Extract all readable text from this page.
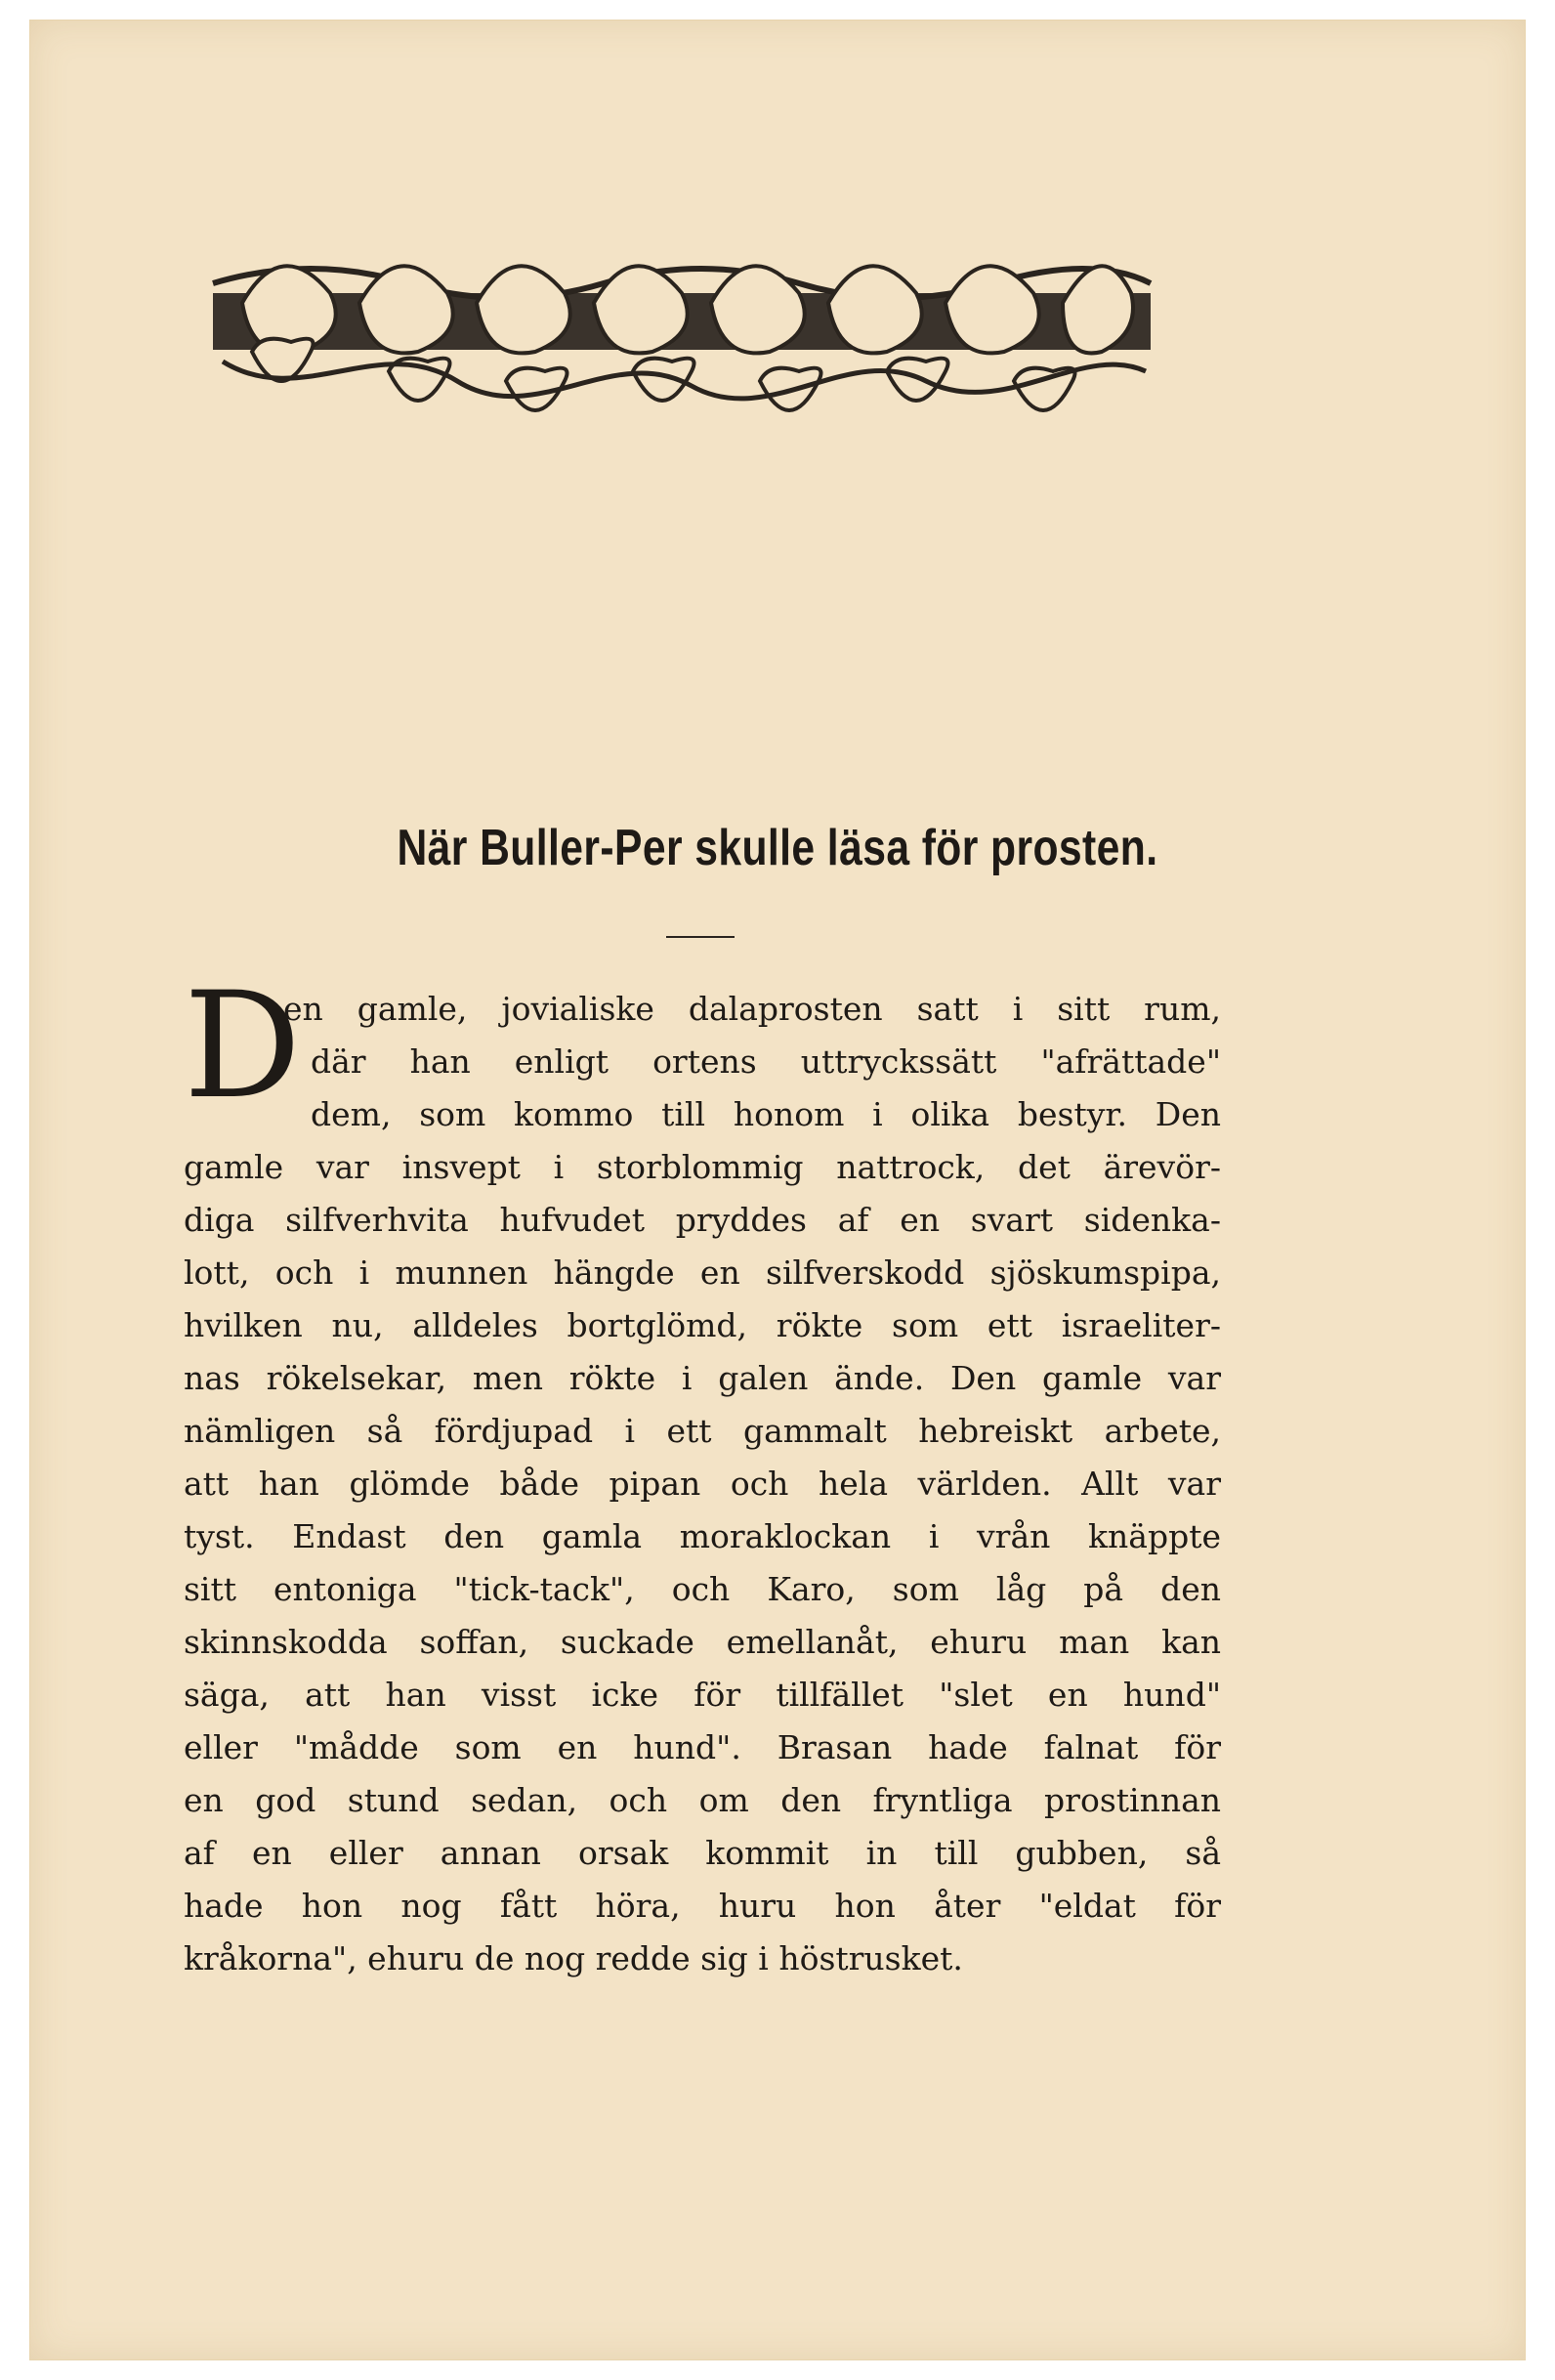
När Buller-Per skulle läsa för prosten.
D
en gamle, jovialiske dalaprosten satt i sitt rum,
där han enligt ortens uttryckssätt "afrättade"
dem, som kommo till honom i olika bestyr. Den
gamle var insvept i storblommig nattrock, det ärevör-
diga silfverhvita hufvudet pryddes af en svart sidenka-
lott, och i munnen hängde en silfverskodd sjöskumspipa,
hvilken nu, alldeles bortglömd, rökte som ett israeliter-
nas rökelsekar, men rökte i galen ände. Den gamle var
nämligen så fördjupad i ett gammalt hebreiskt arbete,
att han glömde både pipan och hela världen. Allt var
tyst. Endast den gamla moraklockan i vrån knäppte
sitt entoniga "tick-tack", och Karo, som låg på den
skinnskodda soffan, suckade emellanåt, ehuru man kan
säga, att han visst icke för tillfället "slet en hund"
eller "mådde som en hund". Brasan hade falnat för
en god stund sedan, och om den fryntliga prostinnan
af en eller annan orsak kommit in till gubben, så
hade hon nog fått höra, huru hon åter "eldat för
kråkorna", ehuru de nog redde sig i höstrusket.
